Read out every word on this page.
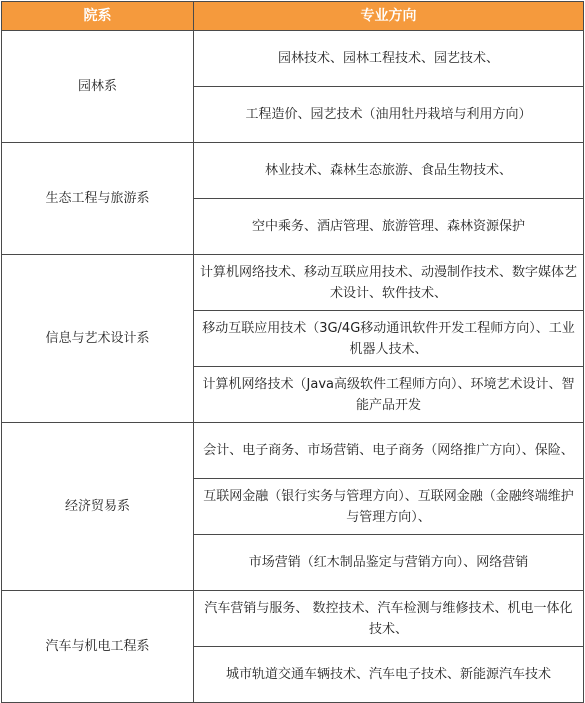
院系	专业方向
园林系	园林技术、园林工程技术、园艺技术、
	工程造价、园艺技术（油用牡丹栽培与利用方向）
生态工程与旅游系	林业技术、森林生态旅游、食品生物技术、
	空中乘务、酒店管理、旅游管理、森林资源保护
信息与艺术设计系	计算机网络技术、移动互联应用技术、动漫制作技术、数字媒体艺术设计、软件技术、
	移动互联应用技术（3G/4G移动通讯软件开发工程师方向）、工业机器人技术、
	计算机网络技术（Java高级软件工程师方向）、环境艺术设计、智能产品开发
经济贸易系	会计、电子商务、市场营销、电子商务（网络推广方向）、保险、
	互联网金融（银行实务与管理方向）、互联网金融（金融终端维护与管理方向）、
	市场营销（红木制品鉴定与营销方向）、网络营销
汽车与机电工程系	汽车营销与服务、 数控技术、汽车检测与维修技术、机电一体化技术、
	城市轨道交通车辆技术、汽车电子技术、新能源汽车技术
